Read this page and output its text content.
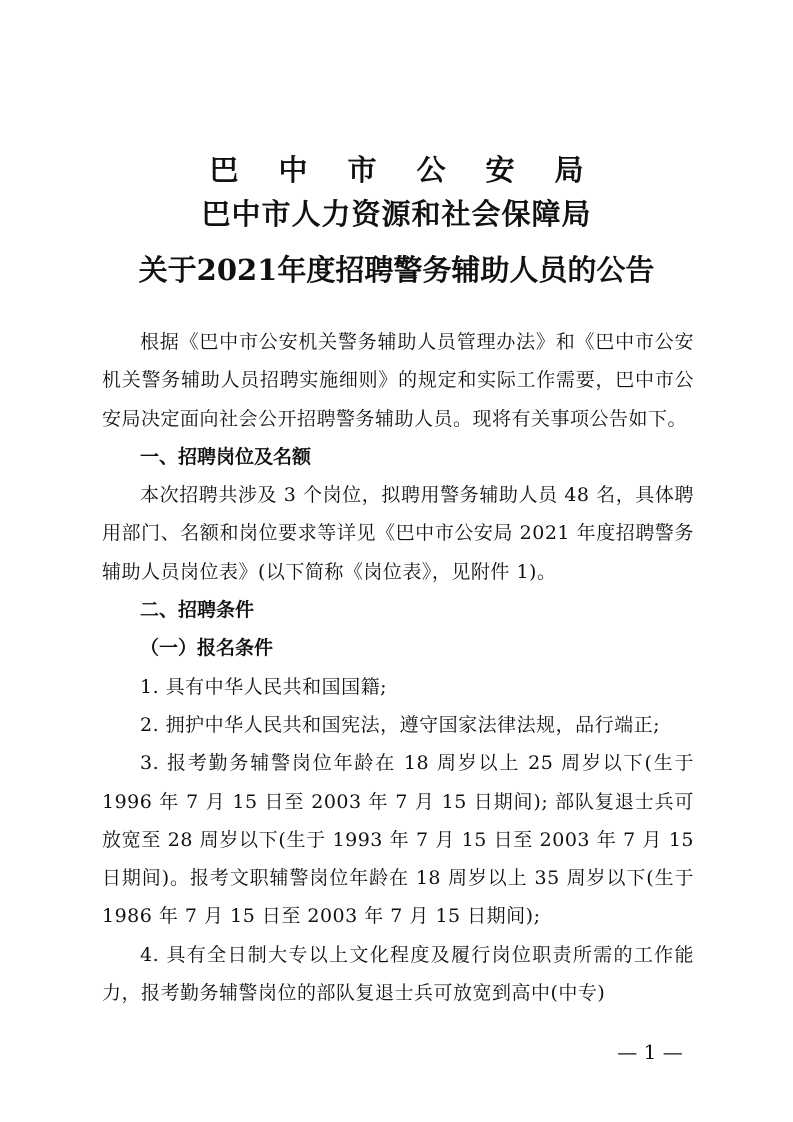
巴中市公安局
巴中市人力资源和社会保障局
关于2021年度招聘警务辅助人员的公告

根据《巴中市公安机关警务辅助人员管理办法》和《巴中市公安机关警务辅助人员招聘实施细则》的规定和实际工作需要，巴中市公安局决定面向社会公开招聘警务辅助人员。现将有关事项公告如下。

一、招聘岗位及名额

本次招聘共涉及 3 个岗位，拟聘用警务辅助人员 48 名，具体聘用部门、名额和岗位要求等详见《巴中市公安局 2021 年度招聘警务辅助人员岗位表》(以下简称《岗位表》，见附件 1)。

二、招聘条件

（一）报名条件

1. 具有中华人民共和国国籍;

2. 拥护中华人民共和国宪法，遵守国家法律法规，品行端正;

3. 报考勤务辅警岗位年龄在 18 周岁以上 25 周岁以下(生于 1996 年 7 月 15 日至 2003 年 7 月 15 日期间); 部队复退士兵可放宽至 28 周岁以下(生于 1993 年 7 月 15 日至 2003 年 7 月 15 日期间)。报考文职辅警岗位年龄在 18 周岁以上 35 周岁以下(生于 1986 年 7 月 15 日至 2003 年 7 月 15 日期间);

4. 具有全日制大专以上文化程度及履行岗位职责所需的工作能力，报考勤务辅警岗位的部队复退士兵可放宽到高中(中专)

— 1 —
